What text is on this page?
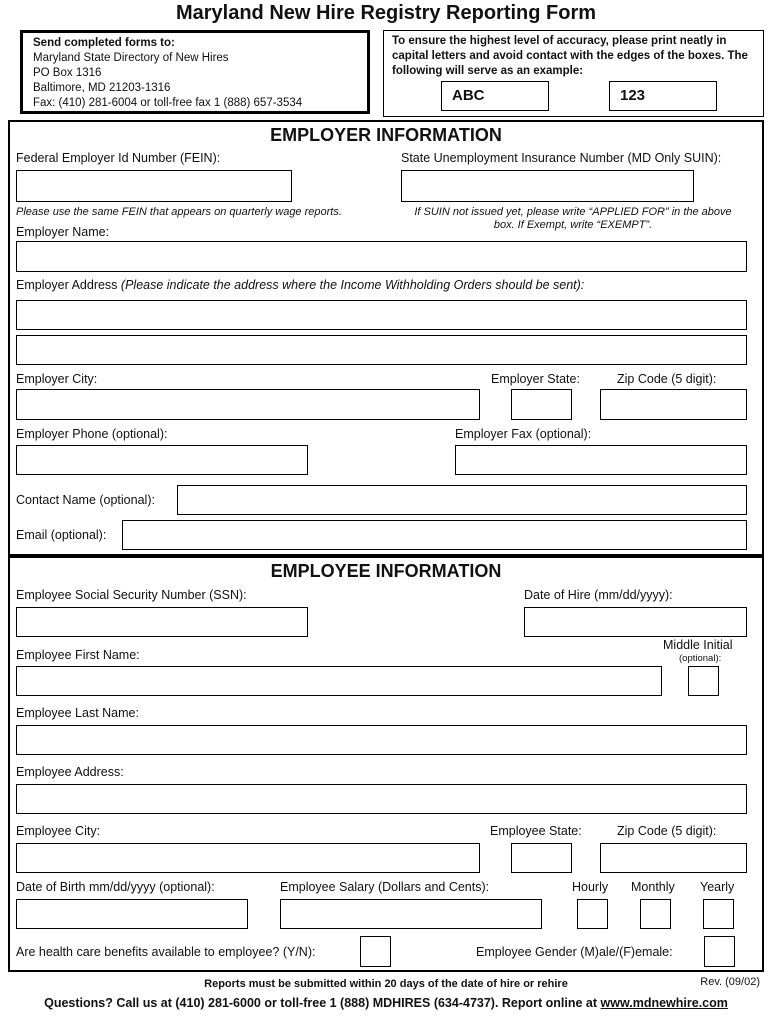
Maryland New Hire Registry Reporting Form
Send completed forms to:
Maryland State Directory of New Hires
PO Box 1316
Baltimore, MD 21203-1316
Fax: (410) 281-6004 or toll-free fax 1 (888) 657-3534
To ensure the highest level of accuracy, please print neatly in capital letters and avoid contact with the edges of the boxes. The following will serve as an example:
ABC	123
EMPLOYER INFORMATION
Federal Employer Id Number (FEIN):	State Unemployment Insurance Number (MD Only SUIN):
Please use the same FEIN that appears on quarterly wage reports.	If SUIN not issued yet, please write “APPLIED FOR” in the above box. If Exempt, write “EXEMPT”.
Employer Name:
Employer Address (Please indicate the address where the Income Withholding Orders should be sent):
Employer City:	Employer State:	Zip Code (5 digit):
Employer Phone (optional):	Employer Fax (optional):
Contact Name (optional):
Email (optional):
EMPLOYEE INFORMATION
Employee Social Security Number (SSN):	Date of Hire (mm/dd/yyyy):
Employee First Name:
Middle Initial
(optional):
Employee Last Name:
Employee Address:
Employee City:	Employee State:	Zip Code (5 digit):
Date of Birth mm/dd/yyyy (optional):	Employee Salary (Dollars and Cents):	Hourly Monthly Yearly
Are health care benefits available to employee? (Y/N):	Employee Gender (M)ale/(F)emale:
Reports must be submitted within 20 days of the date of hire or rehire	Rev. (09/02)
Questions? Call us at (410) 281-6000 or toll-free 1 (888) MDHIRES (634-4737). Report online at www.mdnewhire.com
